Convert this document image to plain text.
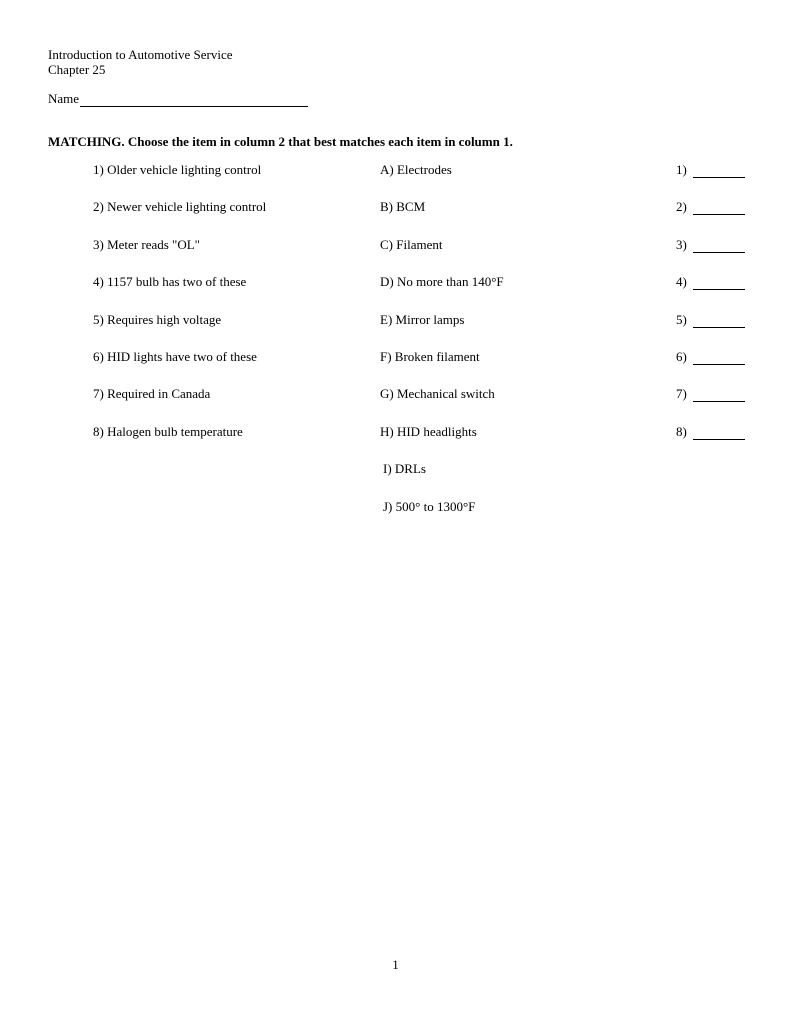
Introduction to Automotive Service
Chapter 25
Name
MATCHING. Choose the item in column 2 that best matches each item in column 1.
1) Older vehicle lighting control	A) Electrodes	1)
2) Newer vehicle lighting control	B) BCM	2)
3) Meter reads "OL"	C) Filament	3)
4) 1157 bulb has two of these	D) No more than 140°F	4)
5) Requires high voltage	E) Mirror lamps	5)
6) HID lights have two of these	F) Broken filament	6)
7) Required in Canada	G) Mechanical switch	7)
8) Halogen bulb temperature	H) HID headlights	8)
I) DRLs
J) 500° to 1300°F
1
